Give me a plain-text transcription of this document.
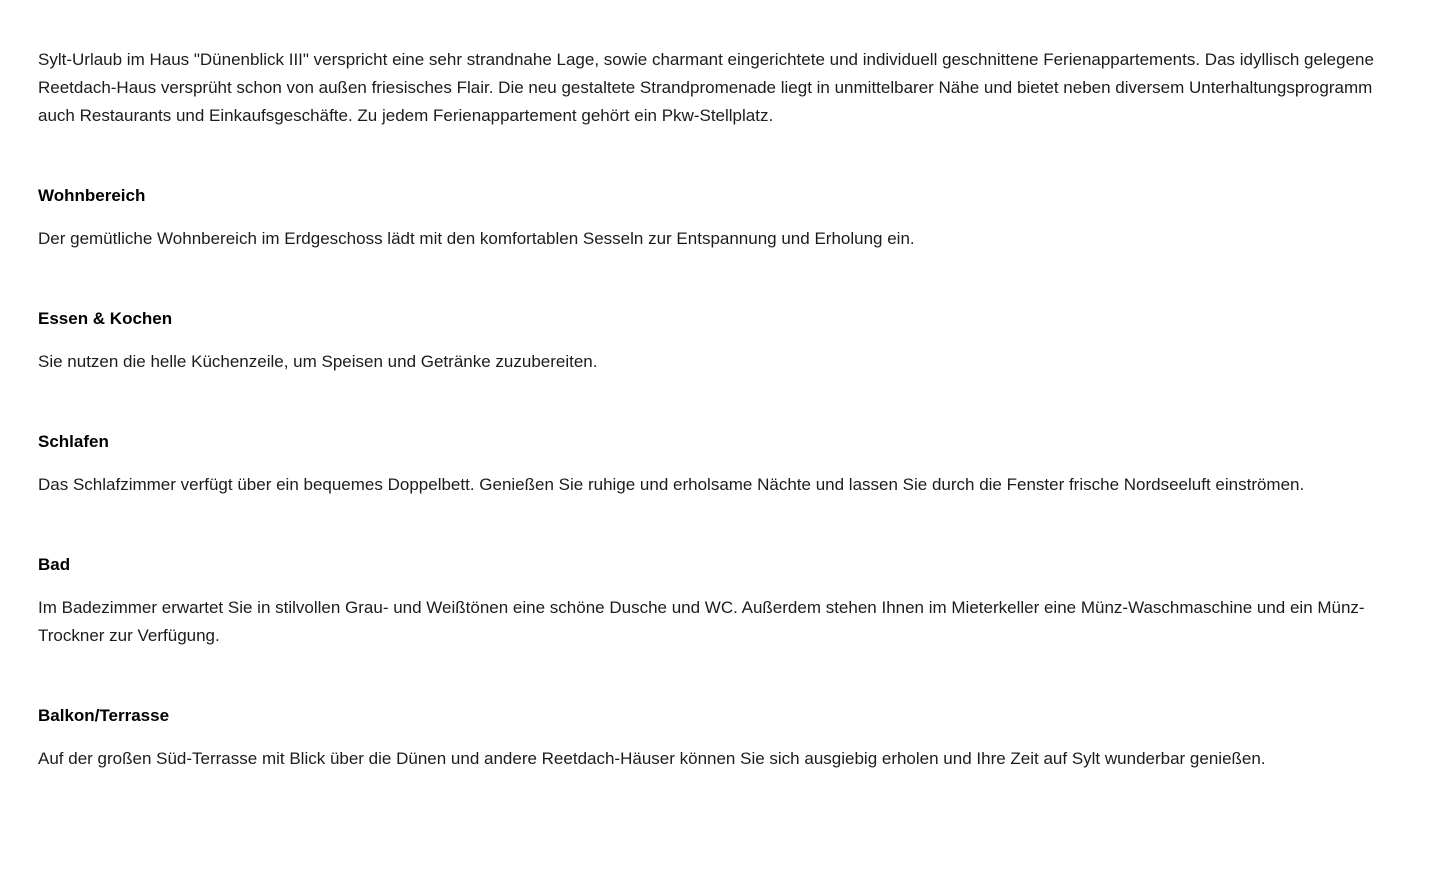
Sylt-Urlaub im Haus "Dünenblick III" verspricht eine sehr strandnahe Lage, sowie charmant eingerichtete und individuell geschnittene Ferienappartements. Das idyllisch gelegene Reetdach-Haus versprüht schon von außen friesisches Flair. Die neu gestaltete Strandpromenade liegt in unmittelbarer Nähe und bietet neben diversem Unterhaltungsprogramm auch Restaurants und Einkaufsgeschäfte. Zu jedem Ferienappartement gehört ein Pkw-Stellplatz.

Wohnbereich

Der gemütliche Wohnbereich im Erdgeschoss lädt mit den komfortablen Sesseln zur Entspannung und Erholung ein.

Essen & Kochen

Sie nutzen die helle Küchenzeile, um Speisen und Getränke zuzubereiten.

Schlafen

Das Schlafzimmer verfügt über ein bequemes Doppelbett. Genießen Sie ruhige und erholsame Nächte und lassen Sie durch die Fenster frische Nordseeluft einströmen.

Bad

Im Badezimmer erwartet Sie in stilvollen Grau- und Weißtönen eine schöne Dusche und WC. Außerdem stehen Ihnen im Mieterkeller eine Münz-Waschmaschine und ein Münz-Trockner zur Verfügung.

Balkon/Terrasse

Auf der großen Süd-Terrasse mit Blick über die Dünen und andere Reetdach-Häuser können Sie sich ausgiebig erholen und Ihre Zeit auf Sylt wunderbar genießen.
